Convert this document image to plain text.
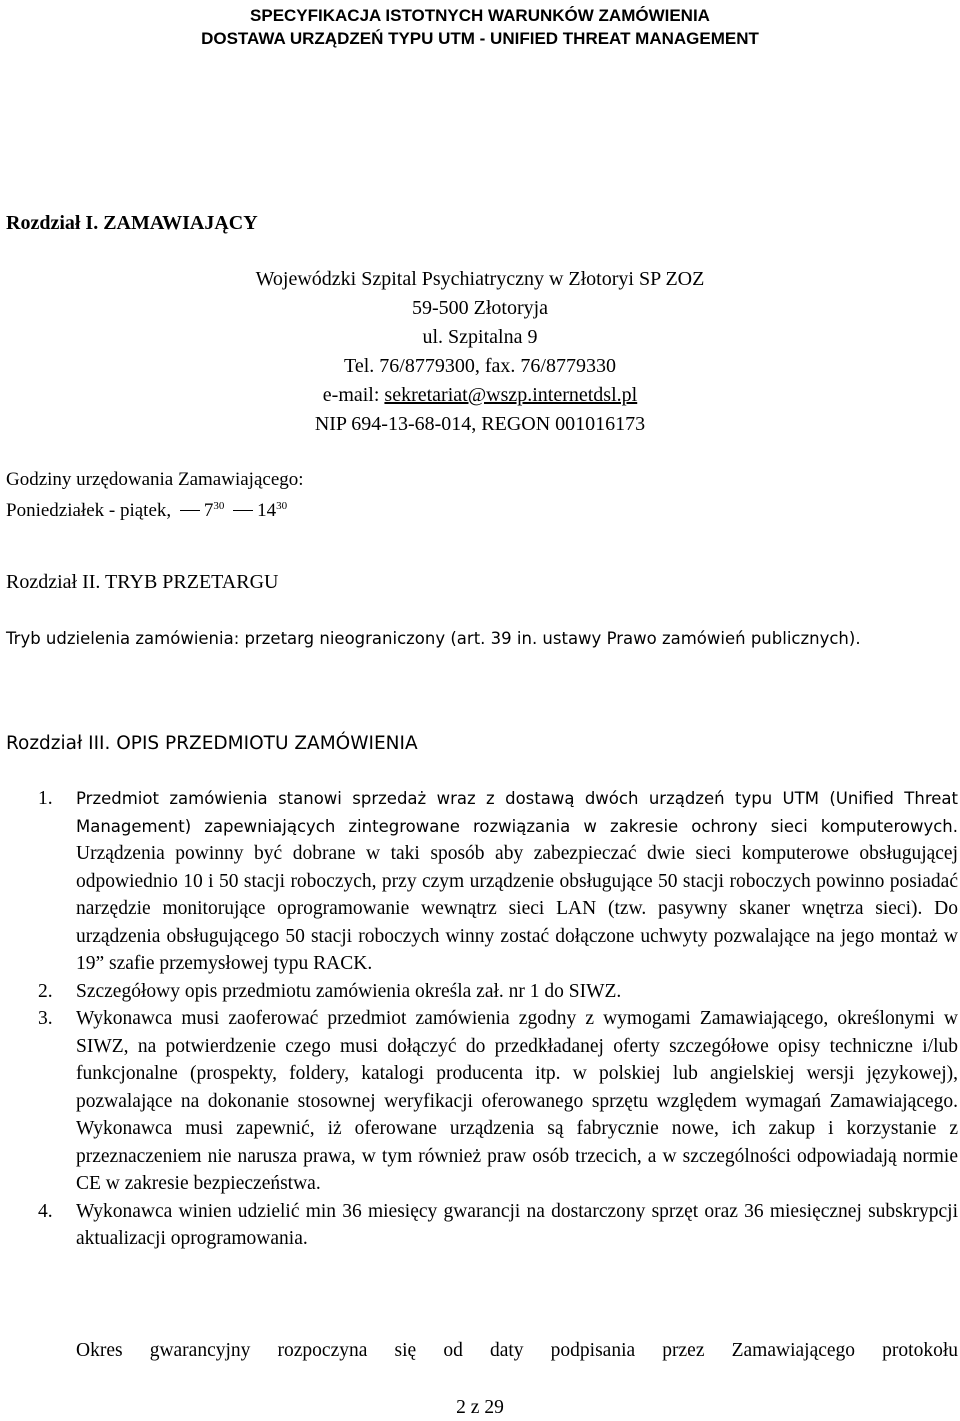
SPECYFIKACJA ISTOTNYCH WARUNKÓW ZAMÓWIENIA
DOSTAWA URZĄDZEŃ TYPU UTM - UNIFIED THREAT MANAGEMENT
Rozdział I. ZAMAWIAJĄCY
Wojewódzki Szpital Psychiatryczny w Złotoryi SP ZOZ
59-500 Złotoryja
ul. Szpitalna 9
Tel. 76/8779300, fax. 76/8779330
e-mail: sekretariat@wszp.internetdsl.pl
NIP 694-13-68-014, REGON 001016173
Godziny urzędowania Zamawiającego:
Poniedziałek - piątek, $7^{30}$ $14^{30}$
Rozdział II. TRYB PRZETARGU
Tryb udzielenia zamówienia: przetarg nieograniczony (art. 39 in. ustawy Prawo zamówień publicznych).
Rozdział III. OPIS PRZEDMIOTU ZAMÓWIENIA
1. Przedmiot zamówienia stanowi sprzedaż wraz z dostawą dwóch urządzeń typu UTM (Unified Threat Management) zapewniających zintegrowane rozwiązania w zakresie ochrony sieci komputerowych. Urządzenia powinny być dobrane w taki sposób aby zabezpieczać dwie sieci komputerowe obsługującej odpowiednio 10 i 50 stacji roboczych, przy czym urządzenie obsługujące 50 stacji roboczych powinno posiadać narzędzie monitorujące oprogramowanie wewnątrz sieci LAN (tzw. pasywny skaner wnętrza sieci). Do urządzenia obsługującego 50 stacji roboczych winny zostać dołączone uchwyty pozwalające na jego montaż w 19” szafie przemysłowej typu RACK.
2. Szczegółowy opis przedmiotu zamówienia określa zał. nr 1 do SIWZ.
3. Wykonawca musi zaoferować przedmiot zamówienia zgodny z wymogami Zamawiającego, określonymi w SIWZ, na potwierdzenie czego musi dołączyć do przedkładanej oferty szczegółowe opisy techniczne i/lub funkcjonalne (prospekty, foldery, katalogi producenta itp. w polskiej lub angielskiej wersji językowej), pozwalające na dokonanie stosownej weryfikacji oferowanego sprzętu względem wymagań Zamawiającego. Wykonawca musi zapewnić, iż oferowane urządzenia są fabrycznie nowe, ich zakup i korzystanie z przeznaczeniem nie narusza prawa, w tym również praw osób trzecich, a w szczególności odpowiadają normie CE w zakresie bezpieczeństwa.
4. Wykonawca winien udzielić min 36 miesięcy gwarancji na dostarczony sprzęt oraz 36 miesięcznej subskrypcji aktualizacji oprogramowania.
Okres gwarancyjny rozpoczyna się od daty podpisania przez Zamawiającego protokołu
2 z 29
